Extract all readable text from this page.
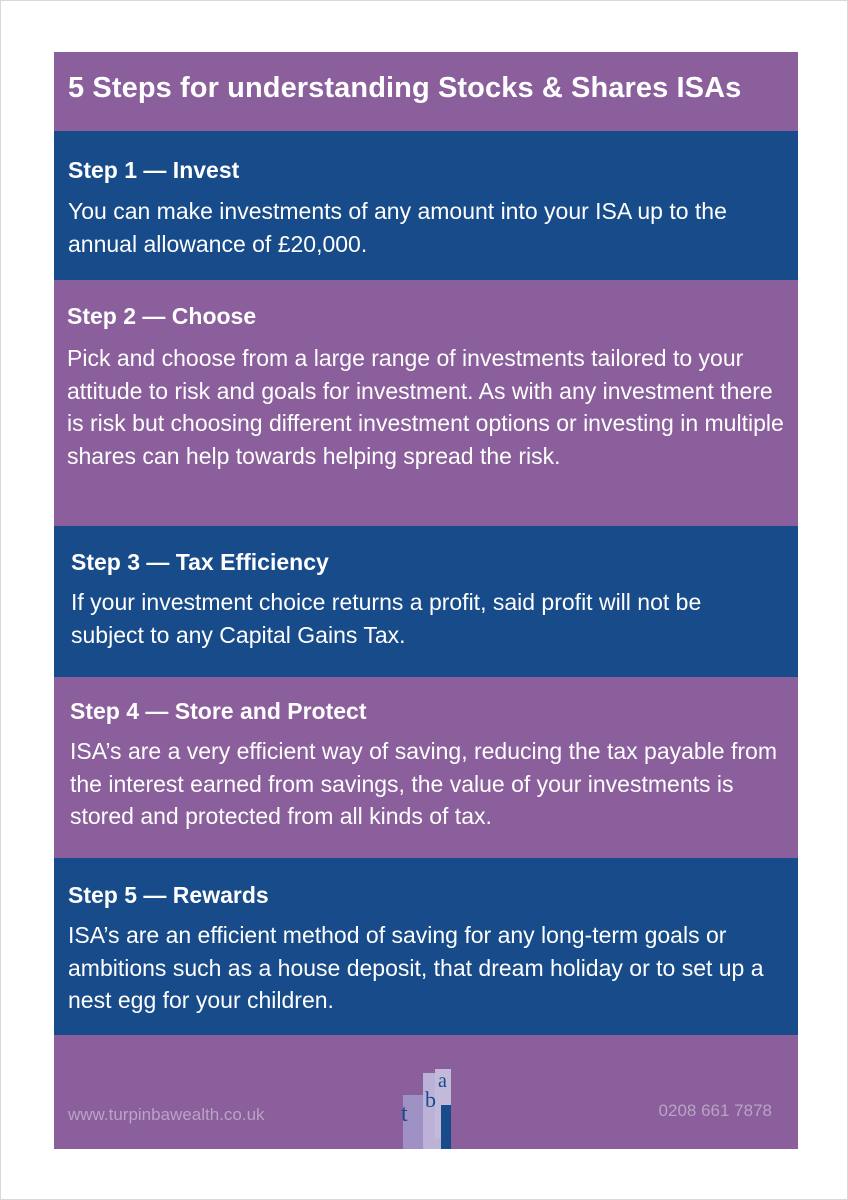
5 Steps for understanding Stocks & Shares ISAs
Step 1 — Invest

You can make investments of any amount into your ISA up to the annual allowance of £20,000.

Step 2 — Choose

Pick and choose from a large range of investments tailored to your attitude to risk and goals for investment. As with any investment there is risk but choosing different investment options or investing in multiple shares can help towards helping spread the risk.

Step 3 — Tax Efficiency

If your investment choice returns a profit, said profit will not be subject to any Capital Gains Tax.

Step 4 — Store and Protect

ISA’s are a very efficient way of saving, reducing the tax payable from the interest earned from savings, the value of your investments is stored and protected from all kinds of tax.

Step 5 — Rewards

ISA’s are an efficient method of saving for any long-term goals or ambitions such as a house deposit, that dream holiday or to set up a nest egg for your children.

www.turpinbawealth.co.uk	t
b
a
0208 661 7878
